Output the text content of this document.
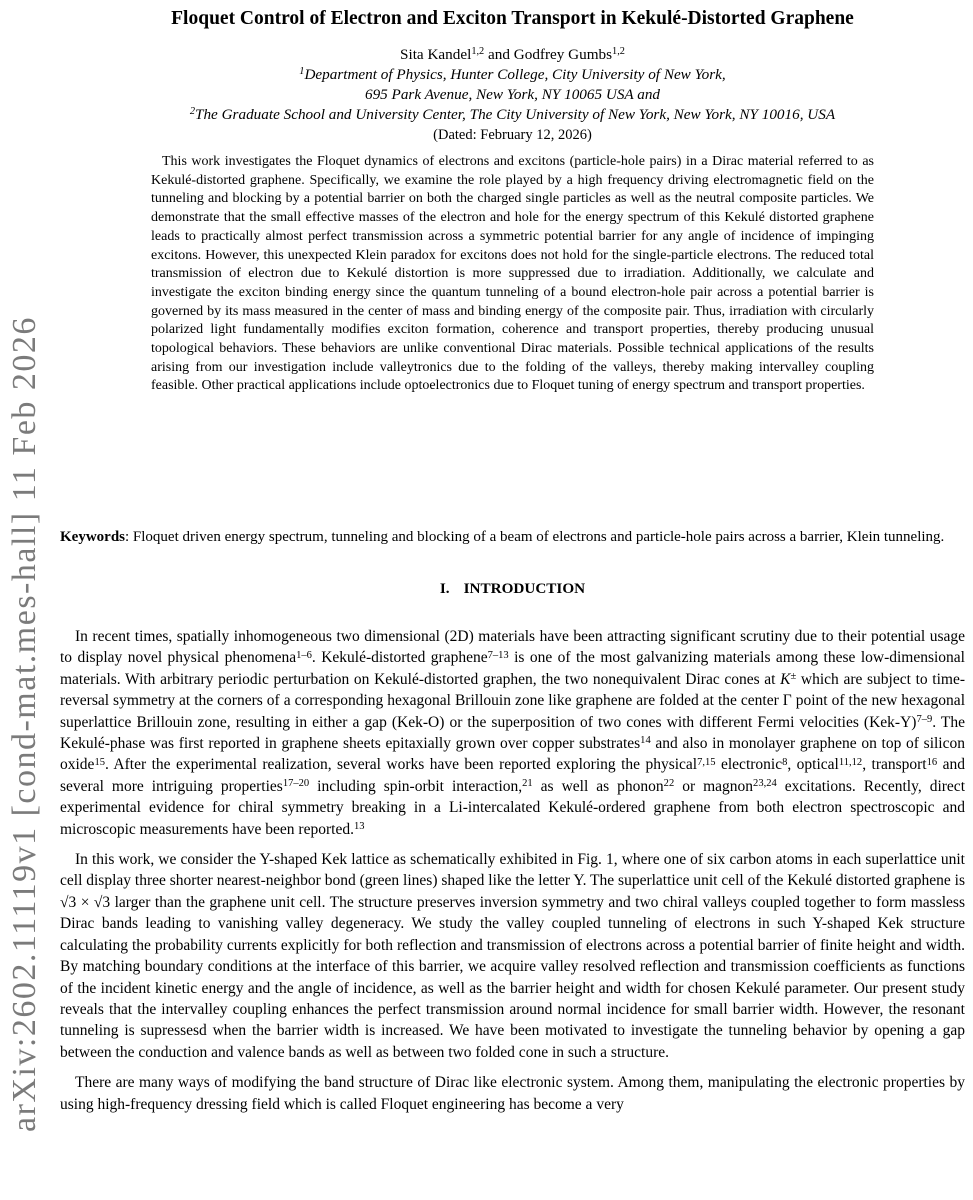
arXiv:2602.11119v1 [cond-mat.mes-hall] 11 Feb 2026
Floquet Control of Electron and Exciton Transport in Kekulé-Distorted Graphene
Sita Kandel$^{1,2}$ and Godfrey Gumbs$^{1,2}$
$^1$Department of Physics, Hunter College, City University of New York,
695 Park Avenue, New York, NY 10065 USA and
$^2$The Graduate School and University Center, The City University of New York, New York, NY 10016, USA
(Dated: February 12, 2026)
This work investigates the Floquet dynamics of electrons and excitons (particle-hole pairs) in a Dirac material referred to as Kekulé-distorted graphene. Specifically, we examine the role played by a high frequency driving electromagnetic field on the tunneling and blocking by a potential barrier on both the charged single particles as well as the neutral composite particles. We demonstrate that the small effective masses of the electron and hole for the energy spectrum of this Kekulé distorted graphene leads to practically almost perfect transmission across a symmetric potential barrier for any angle of incidence of impinging excitons. However, this unexpected Klein paradox for excitons does not hold for the single-particle electrons. The reduced total transmission of electron due to Kekulé distortion is more suppressed due to irradiation. Additionally, we calculate and investigate the exciton binding energy since the quantum tunneling of a bound electron-hole pair across a potential barrier is governed by its mass measured in the center of mass and binding energy of the composite pair. Thus, irradiation with circularly polarized light fundamentally modifies exciton formation, coherence and transport properties, thereby producing unusual topological behaviors. These behaviors are unlike conventional Dirac materials. Possible technical applications of the results arising from our investigation include valleytronics due to the folding of the valleys, thereby making intervalley coupling feasible. Other practical applications include optoelectronics due to Floquet tuning of energy spectrum and transport properties.

Keywords: Floquet driven energy spectrum, tunneling and blocking of a beam of electrons and particle-hole pairs across a barrier, Klein tunneling.

I. INTRODUCTION

In recent times, spatially inhomogeneous two dimensional (2D) materials have been attracting significant scrutiny due to their potential usage to display novel physical phenomena$^{1-6}$. Kekulé-distorted graphene$^{7-13}$ is one of the most galvanizing materials among these low-dimensional materials. With arbitrary periodic perturbation on Kekulé-distorted graphen, the two nonequivalent Dirac cones at K± which are subject to time-reversal symmetry at the corners of a corresponding hexagonal Brillouin zone like graphene are folded at the center Γ point of the new hexagonal superlattice Brillouin zone, resulting in either a gap (Kek-O) or the superposition of two cones with different Fermi velocities $(Kek-Y)^{7-9}$. The Kekulé-phase was first reported in graphene sheets epitaxially grown over copper substrates$^{14}$ and also in monolayer graphene on top of silicon oxide$^{15}$. After the experimental realization, several works have been reported exploring the physical$^{7,15}$ electronic$^8$, optical$^{11,12}$, transport$^{16}$ and several more intriguing properties$^{17-20}$ including spin-orbit interaction,$^{21}$ as well as phonon$^{22}$ or magnon$^{23,24}$ excitations. Recently, direct experimental evidence for chiral symmetry breaking in a Li-intercalated Kekulé-ordered graphene from both electron spectroscopic and microscopic measurements have been reported.$^{13}$

In this work, we consider the Y-shaped Kek lattice as schematically exhibited in Fig. 1, where one of six carbon atoms in each superlattice unit cell display three shorter nearest-neighbor bond (green lines) shaped like the letter Y. The superlattice unit cell of the Kekulé distorted graphene is √3 × √3 larger than the graphene unit cell. The structure preserves inversion symmetry and two chiral valleys coupled together to form massless Dirac bands leading to vanishing valley degeneracy. We study the valley coupled tunneling of electrons in such Y-shaped Kek structure calculating the probability currents explicitly for both reflection and transmission of electrons across a potential barrier of finite height and width. By matching boundary conditions at the interface of this barrier, we acquire valley resolved reflection and transmission coefficients as functions of the incident kinetic energy and the angle of incidence, as well as the barrier height and width for chosen Kekulé parameter. Our present study reveals that the intervalley coupling enhances the perfect transmission around normal incidence for small barrier width. However, the resonant tunneling is supressesd when the barrier width is increased. We have been motivated to investigate the tunneling behavior by opening a gap between the conduction and valence bands as well as between two folded cone in such a structure.

There are many ways of modifying the band structure of Dirac like electronic system. Among them, manipulating the electronic properties by using high-frequency dressing field which is called Floquet engineering has become a very
